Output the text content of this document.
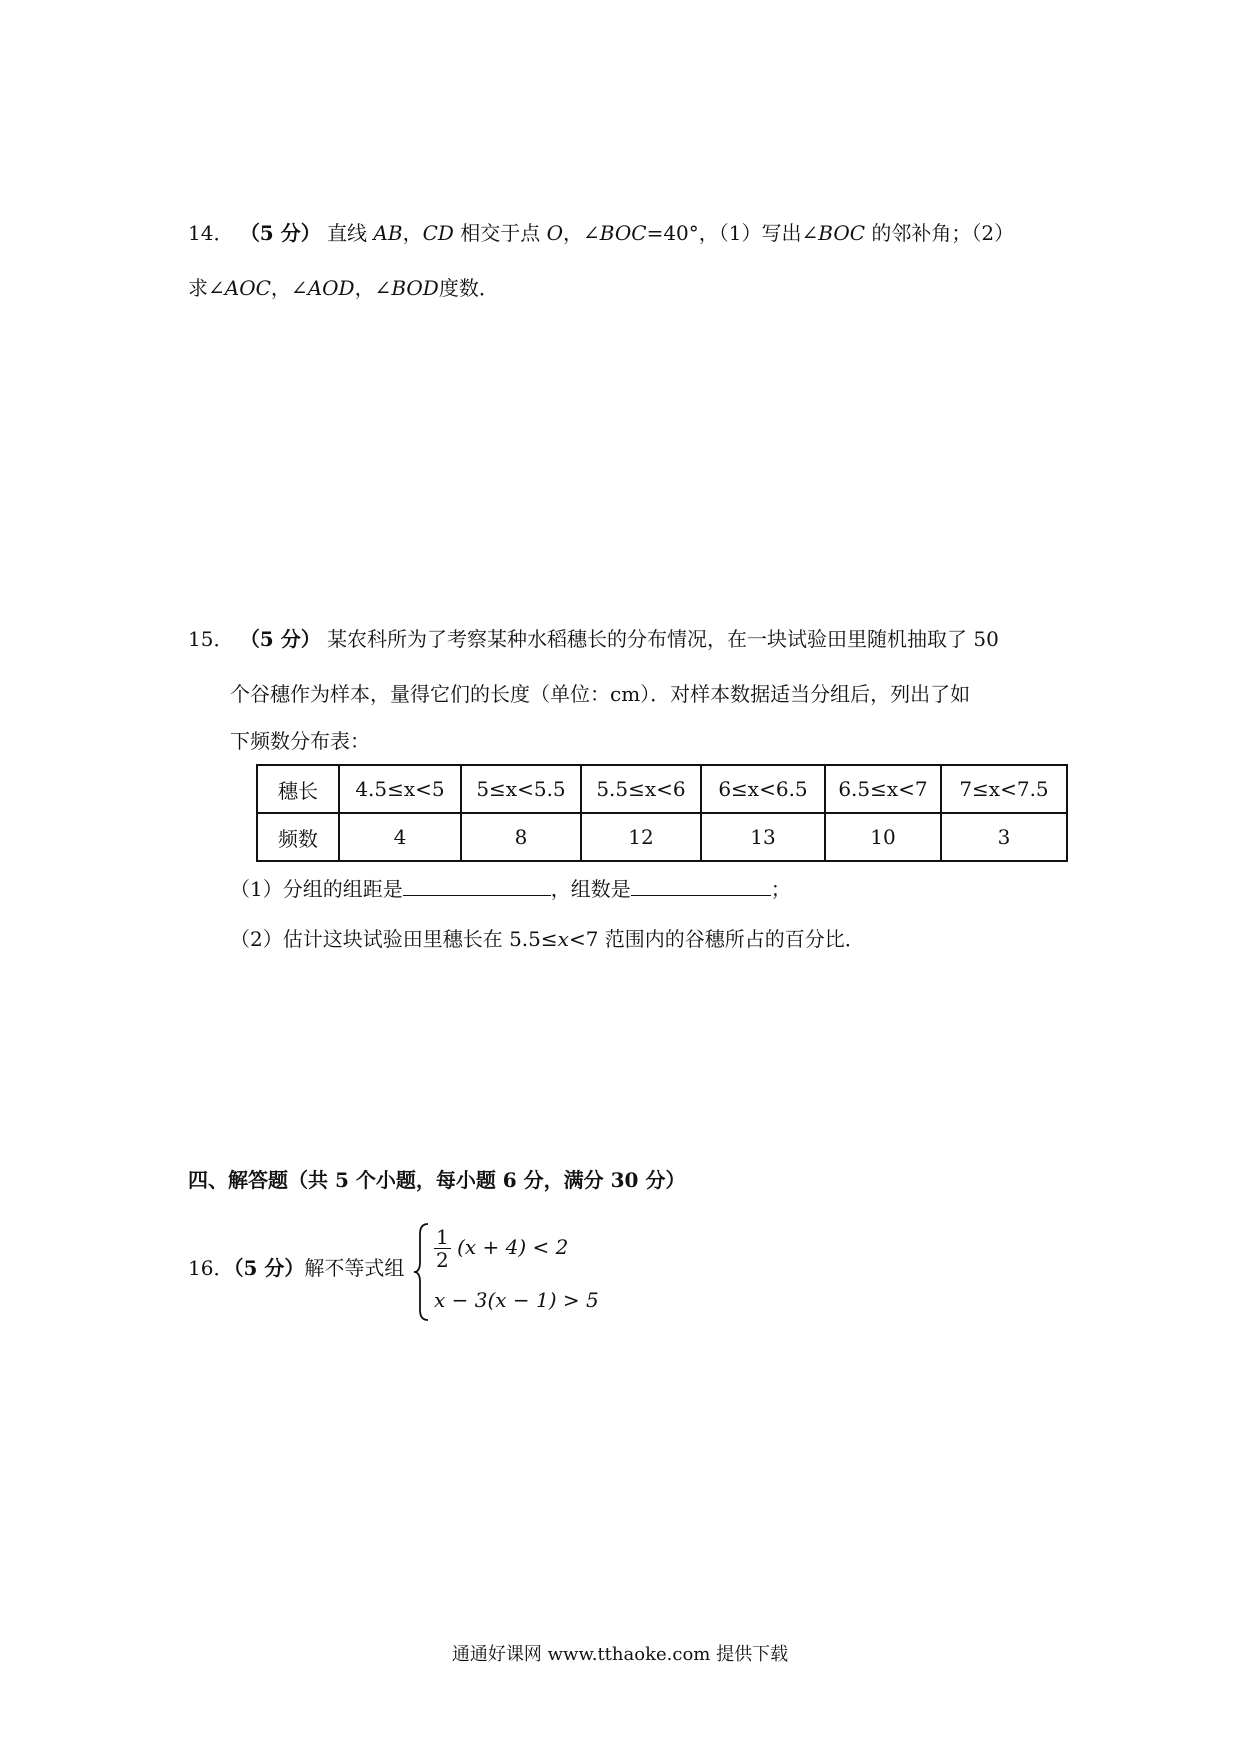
14． （5 分） 直线 AB，CD 相交于点 O，∠BOC=40°，（1）写出∠BOC 的邻补角；（2）
求∠AOC，∠AOD，∠BOD度数．
15． （5 分） 某农科所为了考察某种水稻穗长的分布情况，在一块试验田里随机抽取了 50
个谷穗作为样本，量得它们的长度（单位：cm）．对样本数据适当分组后，列出了如
下频数分布表：
穗长	4.5≤x<5	5≤x<5.5	5.5≤x<6	6≤x<6.5	6.5≤x<7	7≤x<7.5
频数	4	8	12	13	10	3
（1）分组的组距是	，组数是	；
（2）估计这块试验田里穗长在 5.5≤x<7 范围内的谷穗所占的百分比．
四、解答题（共 5 个小题，每小题 6 分，满分 30 分）
16．（5 分）解不等式组 $\frac{1}{2} (x + 4) < 2$
x − 3(x − 1) > 5
通通好课网 www.tthaoke.com 提供下载
